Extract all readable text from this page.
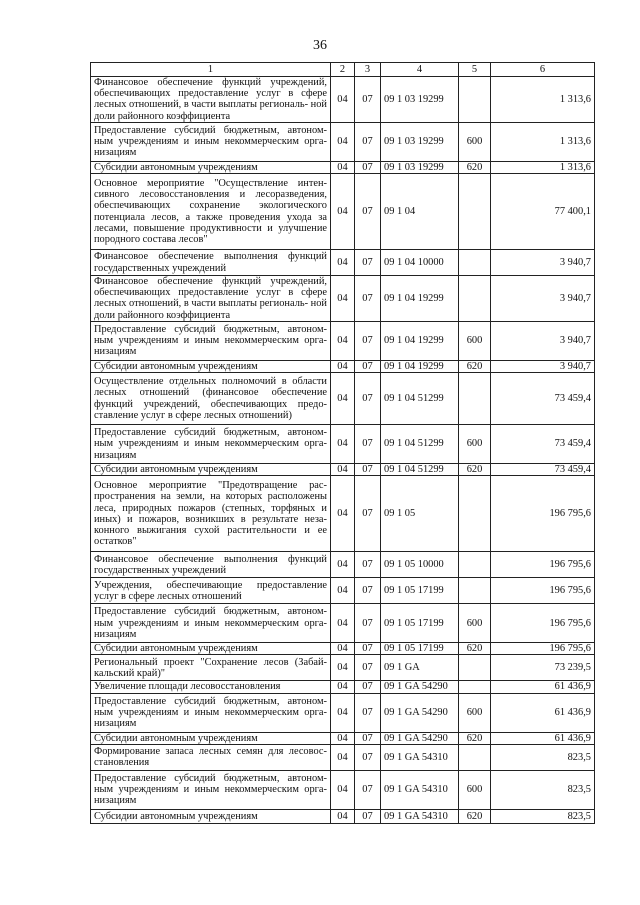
36
1	2	3	4	5	6
Финансовое обеспечение функций учреждений, обеспечивающих предоставление услуг в сфере лесных отношений, в части выплаты региональ- ной доли районного коэффициента	04	07	09 1 03 19299		1 313,6
Предоставление субсидий бюджетным, автоном- ным учреждениям и иным некоммерческим орга- низациям	04	07	09 1 03 19299	600	1 313,6
Субсидии автономным учреждениям	04	07	09 1 03 19299	620	1 313,6
Основное мероприятие "Осуществление интен- сивного лесовосстановления и лесоразведения, обеспечивающих сохранение экологического потенциала лесов, а также проведения ухода за лесами, повышение продуктивности и улучшение породного состава лесов"	04	07	09 1 04		77 400,1
Финансовое обеспечение выполнения функций государственных учреждений	04	07	09 1 04 10000		3 940,7
Финансовое обеспечение функций учреждений, обеспечивающих предоставление услуг в сфере лесных отношений, в части выплаты региональ- ной доли районного коэффициента	04	07	09 1 04 19299		3 940,7
Предоставление субсидий бюджетным, автоном- ным учреждениям и иным некоммерческим орга- низациям	04	07	09 1 04 19299	600	3 940,7
Субсидии автономным учреждениям	04	07	09 1 04 19299	620	3 940,7
Осуществление отдельных полномочий в области лесных отношений (финансовое обеспечение функций учреждений, обеспечивающих предо- ставление услуг в сфере лесных отношений)	04	07	09 1 04 51299		73 459,4
Предоставление субсидий бюджетным, автоном- ным учреждениям и иным некоммерческим орга- низациям	04	07	09 1 04 51299	600	73 459,4
Субсидии автономным учреждениям	04	07	09 1 04 51299	620	73 459,4
Основное мероприятие "Предотвращение рас- пространения на земли, на которых расположены леса, природных пожаров (степных, торфяных и иных) и пожаров, возникших в результате неза- конного выжигания сухой растительности и ее остатков"	04	07	09 1 05		196 795,6
Финансовое обеспечение выполнения функций государственных учреждений	04	07	09 1 05 10000		196 795,6
Учреждения, обеспечивающие предоставление услуг в сфере лесных отношений	04	07	09 1 05 17199		196 795,6
Предоставление субсидий бюджетным, автоном- ным учреждениям и иным некоммерческим орга- низациям	04	07	09 1 05 17199	600	196 795,6
Субсидии автономным учреждениям	04	07	09 1 05 17199	620	196 795,6
Региональный проект "Сохранение лесов (Забай- кальский край)"	04	07	09 1 GA		73 239,5
Увеличение площади лесовосстановления	04	07	09 1 GA 54290		61 436,9
Предоставление субсидий бюджетным, автоном- ным учреждениям и иным некоммерческим орга- низациям	04	07	09 1 GA 54290	600	61 436,9
Субсидии автономным учреждениям	04	07	09 1 GA 54290	620	61 436,9
Формирование запаса лесных семян для лесовос- становления	04	07	09 1 GA 54310		823,5
Предоставление субсидий бюджетным, автоном- ным учреждениям и иным некоммерческим орга- низациям	04	07	09 1 GA 54310	600	823,5
Субсидии автономным учреждениям	04	07	09 1 GA 54310	620	823,5
